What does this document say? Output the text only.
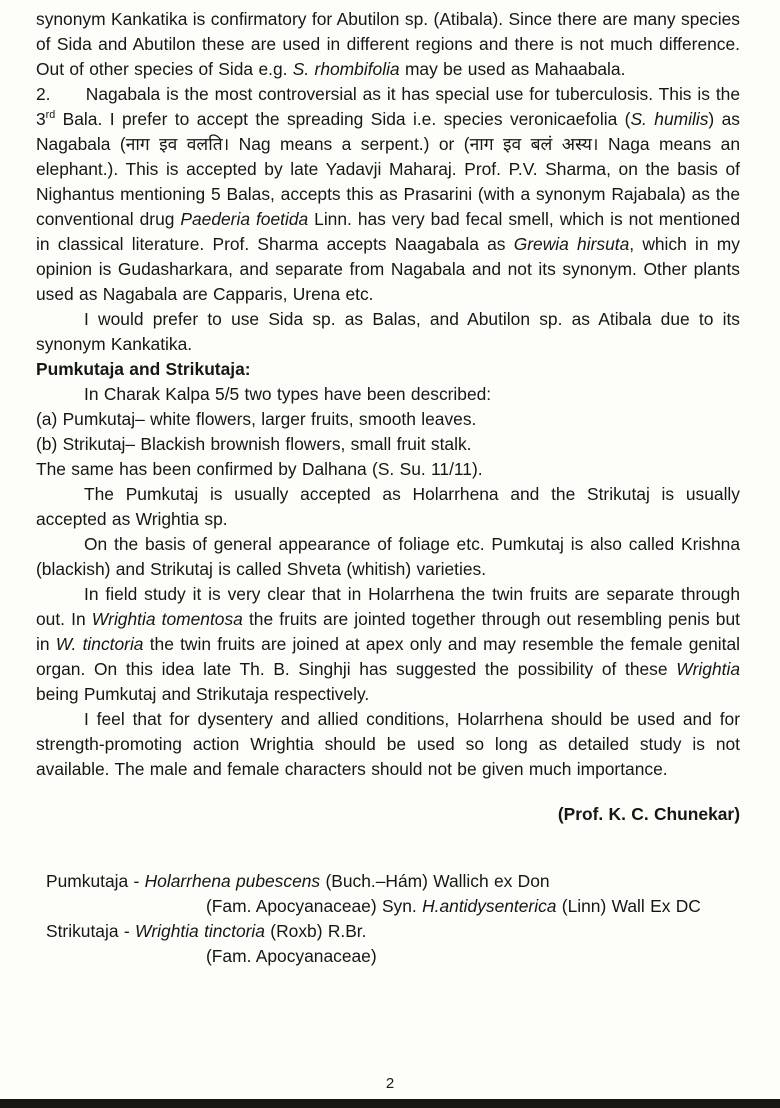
synonym Kankatika is confirmatory for Abutilon sp. (Atibala). Since there are many species of Sida and Abutilon these are used in different regions and there is not much difference. Out of other species of Sida e.g. S. rhombifolia may be used as Mahaabala.

2.      Nagabala is the most controversial as it has special use for tuberculosis. This is the 3rd Bala. I prefer to accept the spreading Sida i.e. species veronicaefolia (S. humilis) as Nagabala (नाग इव वलति। Nag means a serpent.) or (नाग इव बलं अस्य। Naga means an elephant.). This is accepted by late Yadavji Maharaj. Prof. P.V. Sharma, on the basis of Nighantus mentioning 5 Balas, accepts this as Prasarini (with a synonym Rajabala) as the conventional drug Paederia foetida Linn. has very bad fecal smell, which is not mentioned in classical literature. Prof. Sharma accepts Naagabala as Grewia hirsuta, which in my opinion is Gudasharkara, and separate from Nagabala and not its synonym. Other plants used as Nagabala are Capparis, Urena etc.

I would prefer to use Sida sp. as Balas, and Abutilon sp. as Atibala due to its synonym Kankatika.

Pumkutaja and Strikutaja:

In Charak Kalpa 5/5 two types have been described:

(a) Pumkutaj– white flowers, larger fruits, smooth leaves.

(b) Strikutaj– Blackish brownish flowers, small fruit stalk.

The same has been confirmed by Dalhana (S. Su. 11/11).

The Pumkutaj is usually accepted as Holarrhena and the Strikutaj is usually accepted as Wrightia sp.

On the basis of general appearance of foliage etc. Pumkutaj is also called Krishna (blackish) and Strikutaj is called Shveta (whitish) varieties.

In field study it is very clear that in Holarrhena the twin fruits are separate through out. In Wrightia tomentosa the fruits are jointed together through out resembling penis but in W. tinctoria the twin fruits are joined at apex only and may resemble the female genital organ. On this idea late Th. B. Singhji has suggested the possibility of these Wrightia being Pumkutaj and Strikutaja respectively.

I feel that for dysentery and allied conditions, Holarrhena should be used and for strength-promoting action Wrightia should be used so long as detailed study is not available. The male and female characters should not be given much importance.

(Prof. K. C. Chunekar)

Pumkutaja - Holarrhena pubescens (Buch.–Hám) Wallich ex Don

(Fam. Apocyanaceae) Syn. H.antidysenterica (Linn) Wall Ex DC

Strikutaja - Wrightia tinctoria (Roxb) R.Br.

(Fam. Apocyanaceae)

2
